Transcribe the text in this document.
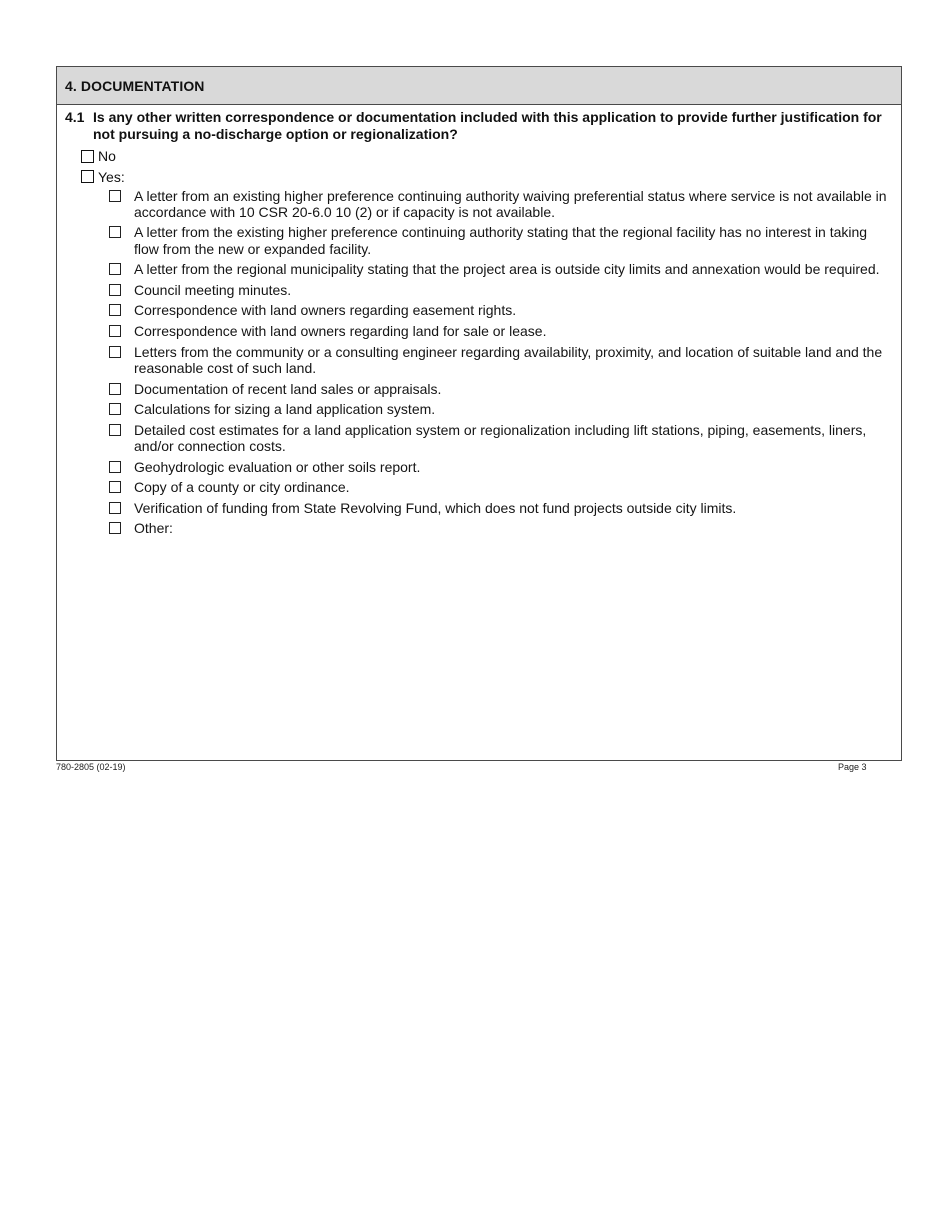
4. DOCUMENTATION
4.1 Is any other written correspondence or documentation included with this application to provide further justification for not pursuing a no-discharge option or regionalization?
No
Yes:
A letter from an existing higher preference continuing authority waiving preferential status where service is not available in accordance with 10 CSR 20-6.0 10 (2) or if capacity is not available.
A letter from the existing higher preference continuing authority stating that the regional facility has no interest in taking flow from the new or expanded facility.
A letter from the regional municipality stating that the project area is outside city limits and annexation would be required.
Council meeting minutes.
Correspondence with land owners regarding easement rights.
Correspondence with land owners regarding land for sale or lease.
Letters from the community or a consulting engineer regarding availability, proximity, and location of suitable land and the reasonable cost of such land.
Documentation of recent land sales or appraisals.
Calculations for sizing a land application system.
Detailed cost estimates for a land application system or regionalization including lift stations, piping, easements, liners, and/or connection costs.
Geohydrologic evaluation or other soils report.
Copy of a county or city ordinance.
Verification of funding from State Revolving Fund, which does not fund projects outside city limits.
Other:
780-2805 (02-19)	Page 3
